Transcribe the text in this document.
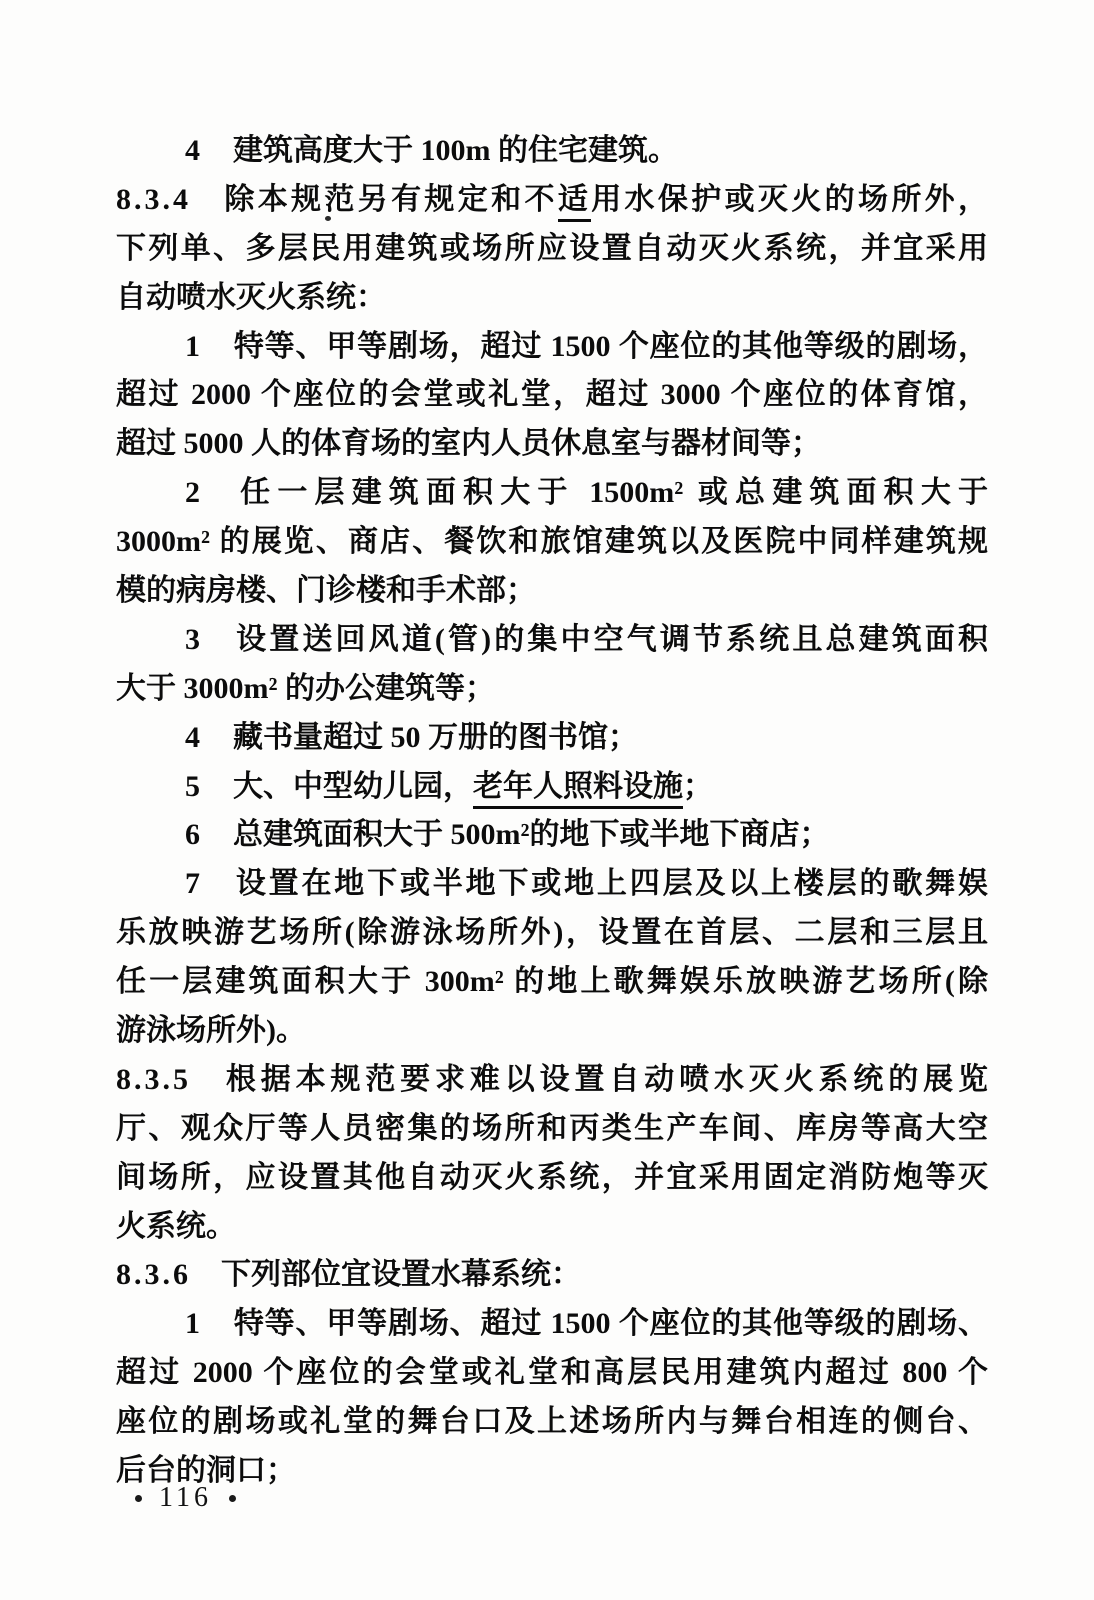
4 建筑高度大于 100m 的住宅建筑。
8.3.4 除本规范另有规定和不适用水保护或灭火的场所外，
下列单、多层民用建筑或场所应设置自动灭火系统，并宜采用
自动喷水灭火系统：
1 特等、甲等剧场，超过 1500 个座位的其他等级的剧场，
超过 2000 个座位的会堂或礼堂，超过 3000 个座位的体育馆，
超过 5000 人的体育场的室内人员休息室与器材间等；
2 任一层建筑面积大于 1500m² 或总建筑面积大于
3000m² 的展览、商店、餐饮和旅馆建筑以及医院中同样建筑规
模的病房楼、门诊楼和手术部；
3 设置送回风道(管)的集中空气调节系统且总建筑面积
大于 3000m² 的办公建筑等；
4 藏书量超过 50 万册的图书馆；
5 大、中型幼儿园，老年人照料设施；
6 总建筑面积大于 500m²的地下或半地下商店；
7 设置在地下或半地下或地上四层及以上楼层的歌舞娱
乐放映游艺场所(除游泳场所外)，设置在首层、二层和三层且
任一层建筑面积大于 300m² 的地上歌舞娱乐放映游艺场所(除
游泳场所外)。
8.3.5 根据本规范要求难以设置自动喷水灭火系统的展览
厅、观众厅等人员密集的场所和丙类生产车间、库房等高大空
间场所，应设置其他自动灭火系统，并宜采用固定消防炮等灭
火系统。
8.3.6 下列部位宜设置水幕系统：
1 特等、甲等剧场、超过 1500 个座位的其他等级的剧场、
超过 2000 个座位的会堂或礼堂和高层民用建筑内超过 800 个
座位的剧场或礼堂的舞台口及上述场所内与舞台相连的侧台、
后台的洞口；
116
